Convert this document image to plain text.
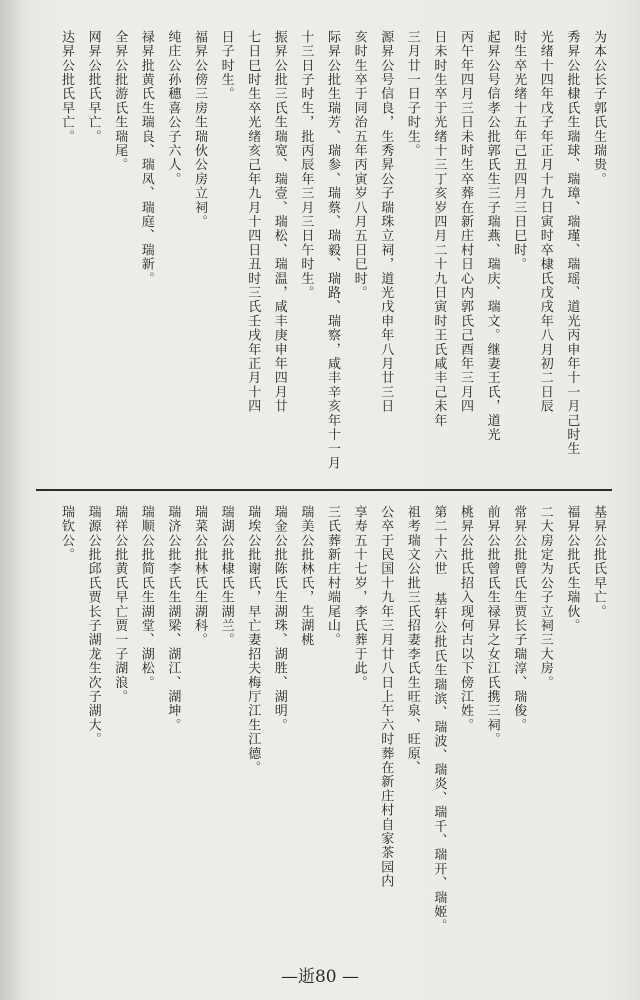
为本公长子郭氏生瑞贵。
秀昇公批棣氏生瑞球、瑞璋、瑞瑾、瑞瑶、道光丙申年十一月己时生
光绪十四年戊子年正月十九日寅时卒棣氏戊戌年八月初二日辰
时生卒光绪十五年己丑四月三日巳时。
起昇公号信孝公批郭氏生三子瑞燕、瑞庆、瑞文。继妻王氏，道光
丙午年四月三日未时生卒葬在新庄村日心内郭氏己酉年三月四
日未时生卒于光绪十三丁亥岁四月二十九日寅时王氏咸丰己未年
三月廿一日子时生。
源昇公号信良，生秀昇公子瑞珠立祠，道光戊申年八月廿三日
亥时生卒于同治五年丙寅岁八月五日巳时。
际昇公批生瑞芳、瑞参、瑞蔡、瑞毅、瑞路、瑞察，咸丰辛亥年十一月
十三日子时生，批丙辰年三月三日午时生。
振昇公批三氏生瑞宽、瑞壹、瑞松、瑞温，咸丰庚申年四月廿
七日巳时生卒光绪亥己年九月十四日丑时三氏壬戌年正月十四
日子时生。
福昇公傍三房生瑞伙公房立祠。
纯庄公孙穗喜公子六人。
禄昇批黄氏生瑞良、瑞凤、瑞庭、瑞新。
全昇公批游氏生瑞尾。
网昇公批氏早亡。
达昇公批氏早亡。
基昇公批氏早亡。
福昇公批氏生瑞伙。
二大房定为公子立祠三大房。
常昇公批曾氏生贾长子瑞淳、瑞俊。
前昇公批曾氏生禄昇之女江氏携三祠。
桃昇公批氏招入现何古以下傍江姓。
第二十六世 基轩公批氏生瑞滨、瑞波、瑞炎、瑞千、瑞开、瑞姬。
祖考瑞文公批三氏招妻李氏生旺泉、旺原、
公卒于民国十九年三月廿八日上午六时葬在新庄村自家茶园内
享寿五十七岁，李氏葬于此。
三氏葬新庄村端尾山。
瑞美公批林氏，生湖桃
瑞金公批陈氏生湖珠、湖胜、湖明。
瑞埃公批谢氏，早亡妻招夫梅厅江生江德。
瑞湖公批棣氏生湖兰。
瑞菜公批林氏生湖科。
瑞济公批李氏生湖梁、湖江、湖坤。
瑞顺公批简氏生湖堂、湖松。
瑞祥公批黄氏早亡贾一子湖浪。
瑞源公批邱氏贾长子湖龙生次子湖大。
瑞钦公。
—逝80 —
